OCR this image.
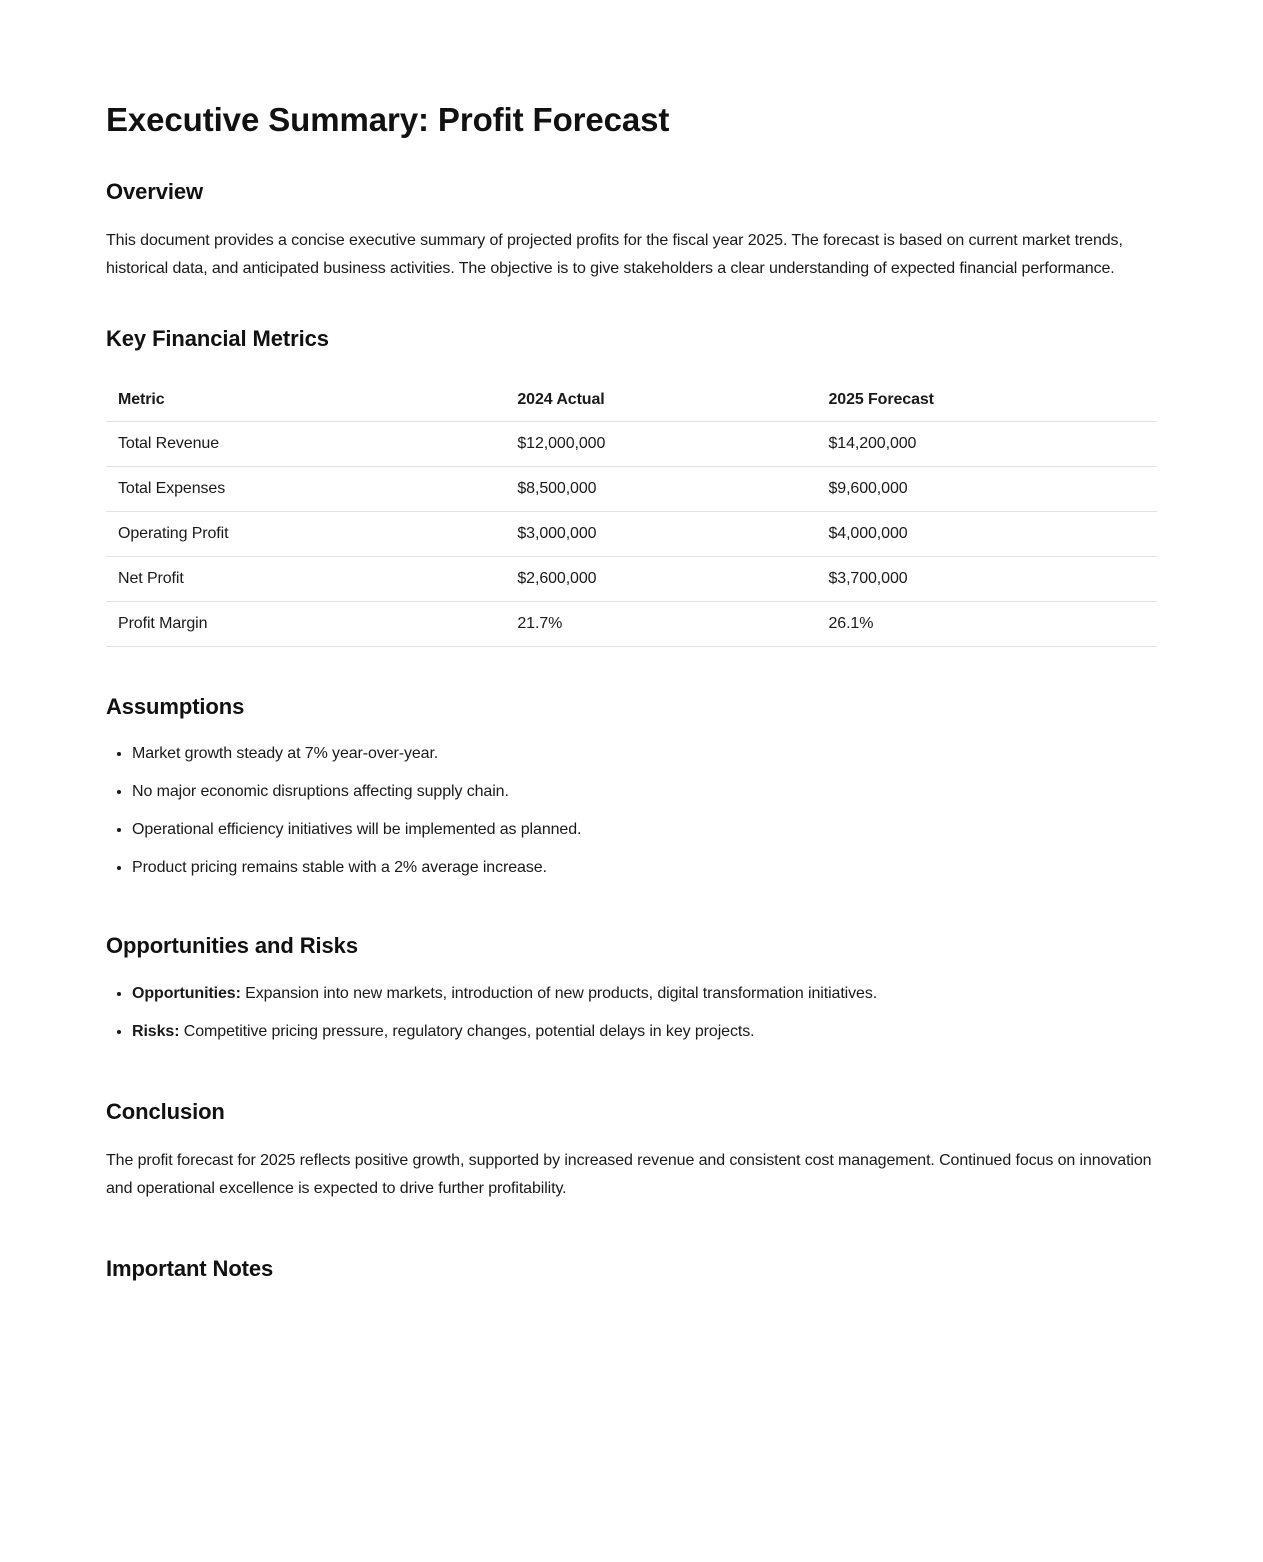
Executive Summary: Profit Forecast
Overview

This document provides a concise executive summary of projected profits for the fiscal year 2025. The forecast is based on current market trends, historical data, and anticipated business activities. The objective is to give stakeholders a clear understanding of expected financial performance.

Key Financial Metrics
Metric	2024 Actual	2025 Forecast
Total Revenue	$12,000,000	$14,200,000
Total Expenses	$8,500,000	$9,600,000
Operating Profit	$3,000,000	$4,000,000
Net Profit	$2,600,000	$3,700,000
Profit Margin	21.7%	26.1%
Assumptions
• Market growth steady at 7% year-over-year.
• No major economic disruptions affecting supply chain.
• Operational efficiency initiatives will be implemented as planned.
• Product pricing remains stable with a 2% average increase.
Opportunities and Risks
• Opportunities: Expansion into new markets, introduction of new products, digital transformation initiatives.
• Risks: Competitive pricing pressure, regulatory changes, potential delays in key projects.
Conclusion

The profit forecast for 2025 reflects positive growth, supported by increased revenue and consistent cost management. Continued focus on innovation and operational excellence is expected to drive further profitability.

Important Notes
